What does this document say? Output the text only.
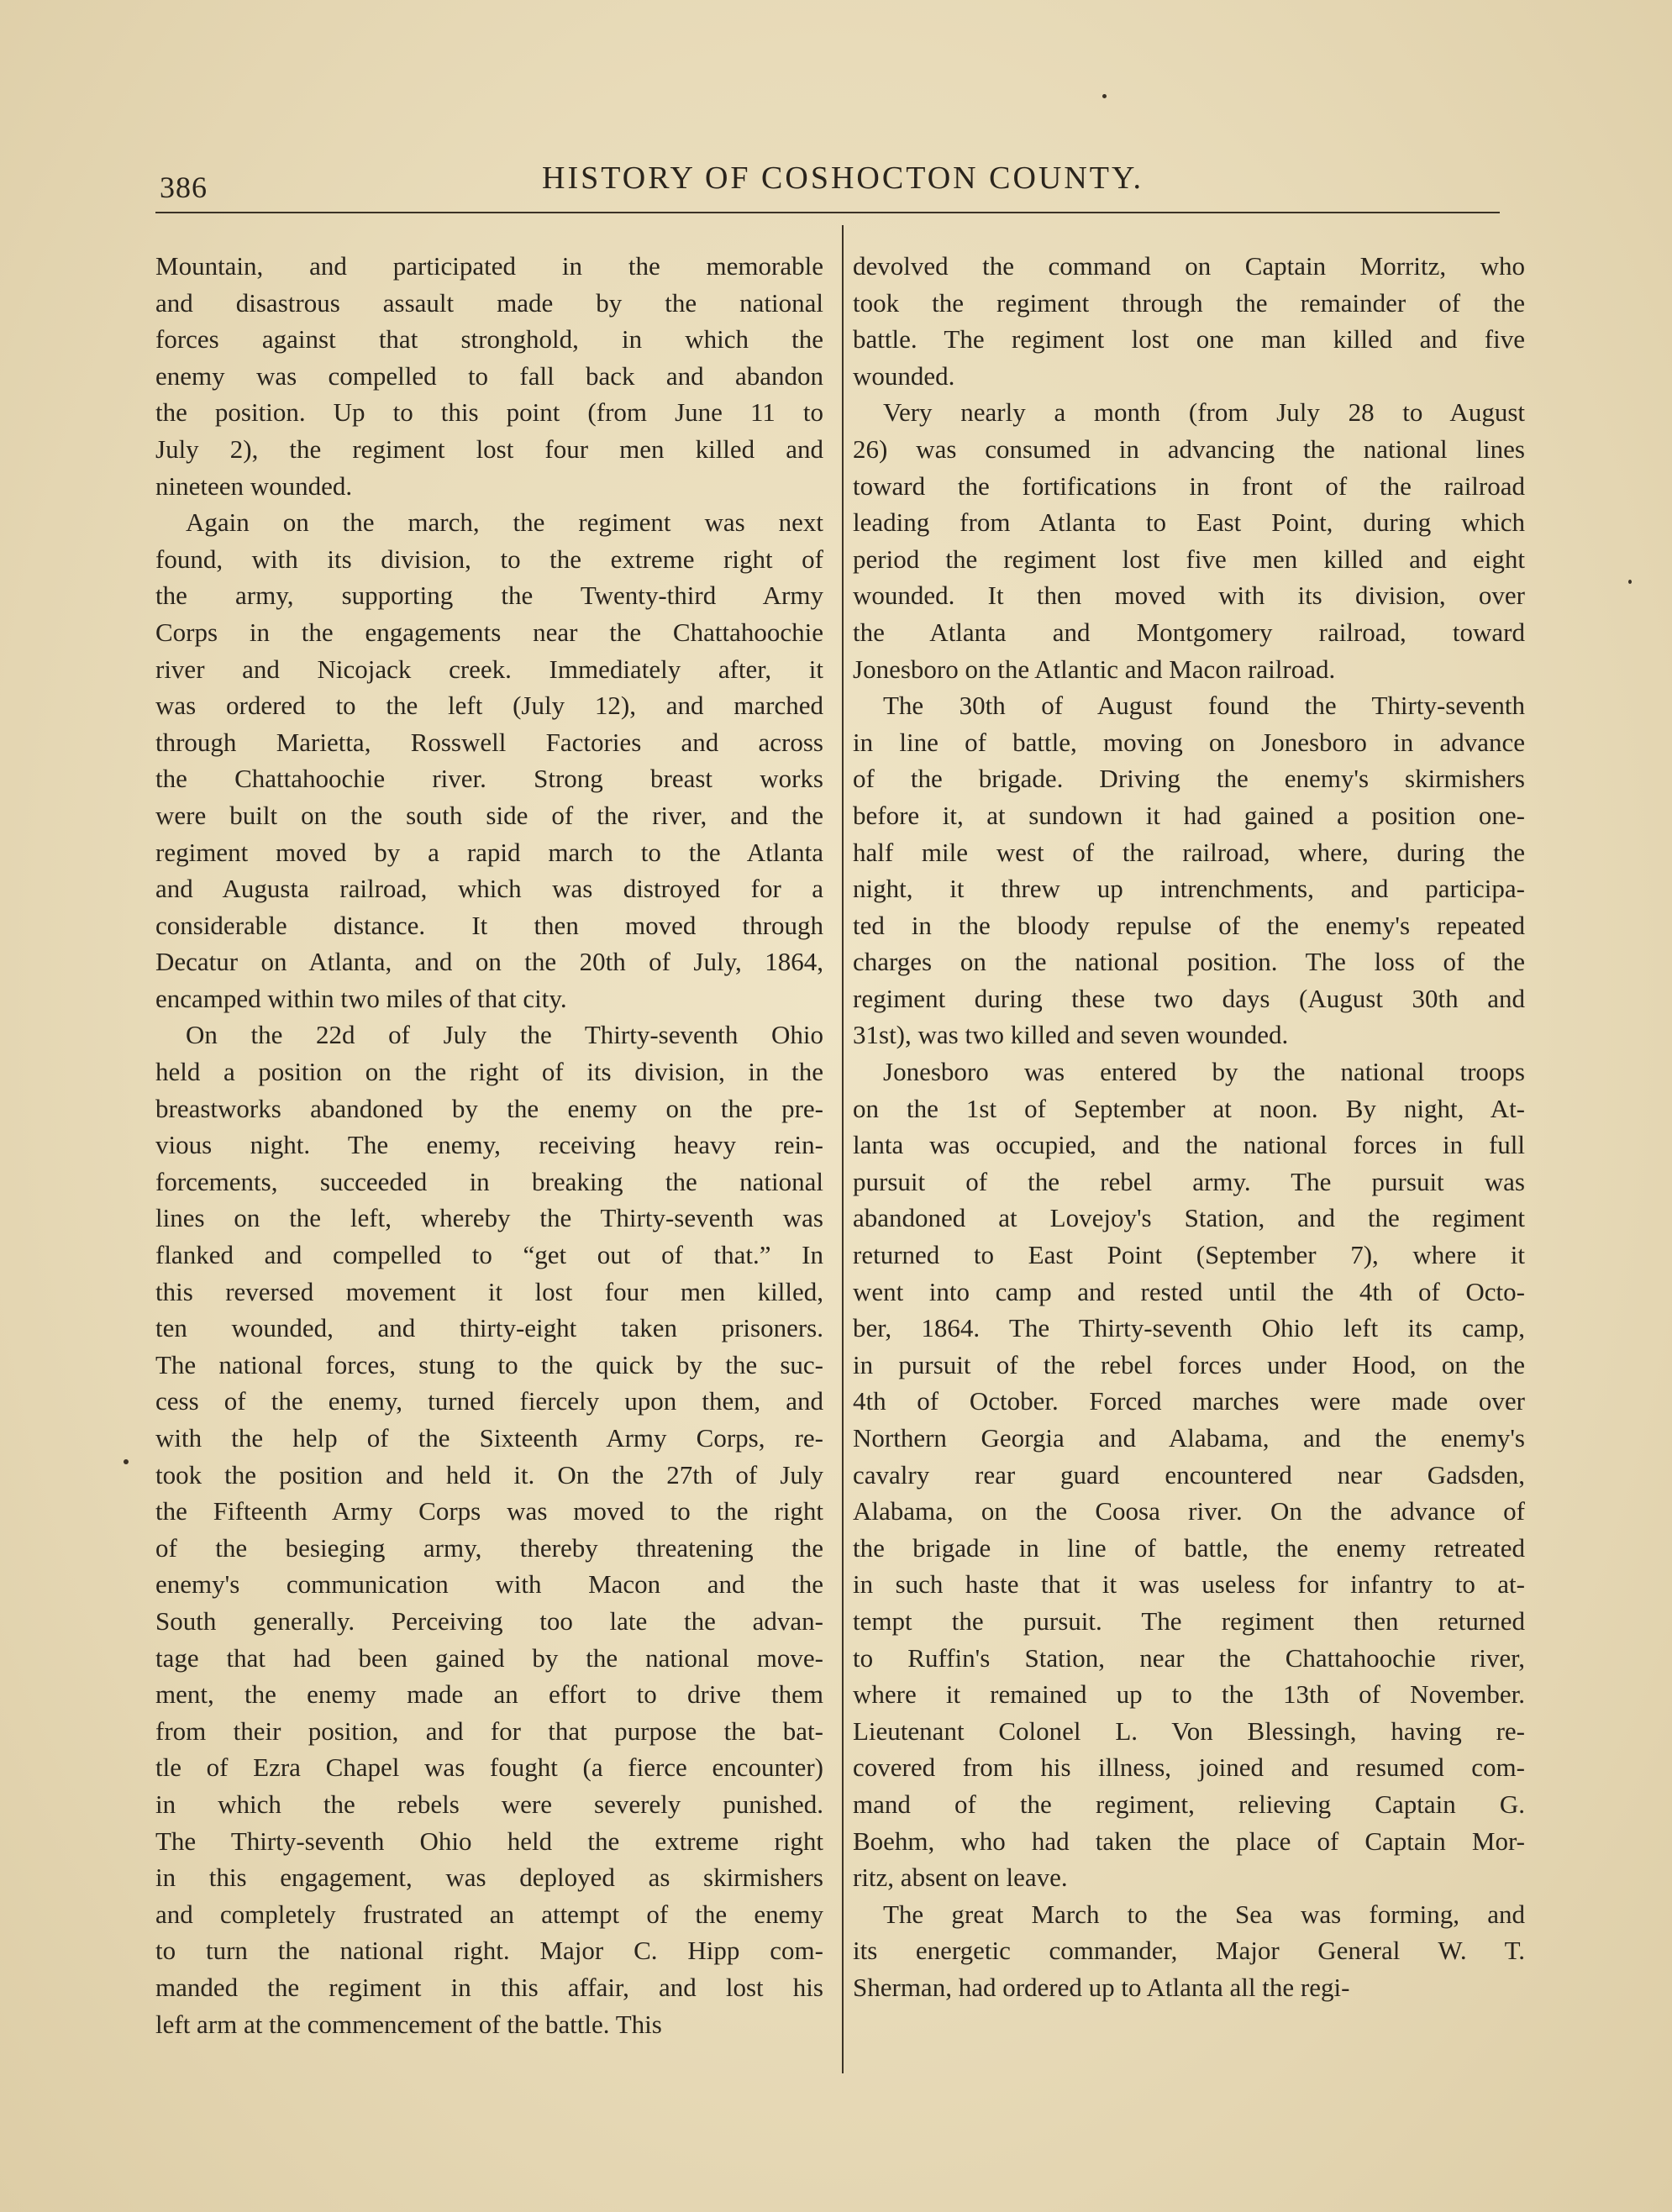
386	HISTORY OF COSHOCTON COUNTY.
Mountain, and participated in the memorable
and disastrous assault made by the national
forces against that stronghold, in which the
enemy was compelled to fall back and abandon
the position. Up to this point (from June 11 to
July 2), the regiment lost four men killed and
nineteen wounded.
Again on the march, the regiment was next
found, with its division, to the extreme right of
the army, supporting the Twenty-third Army
Corps in the engagements near the Chattahoochie
river and Nicojack creek. Immediately after, it
was ordered to the left (July 12), and marched
through Marietta, Rosswell Factories and across
the Chattahoochie river. Strong breast works
were built on the south side of the river, and the
regiment moved by a rapid march to the Atlanta
and Augusta railroad, which was distroyed for a
considerable distance. It then moved through
Decatur on Atlanta, and on the 20th of July, 1864,
encamped within two miles of that city.
On the 22d of July the Thirty-seventh Ohio
held a position on the right of its division, in the
breastworks abandoned by the enemy on the pre-
vious night. The enemy, receiving heavy rein-
forcements, succeeded in breaking the national
lines on the left, whereby the Thirty-seventh was
flanked and compelled to “get out of that.” In
this reversed movement it lost four men killed,
ten wounded, and thirty-eight taken prisoners.
The national forces, stung to the quick by the suc-
cess of the enemy, turned fiercely upon them, and
with the help of the Sixteenth Army Corps, re-
took the position and held it. On the 27th of July
the Fifteenth Army Corps was moved to the right
of the besieging army, thereby threatening the
enemy's communication with Macon and the
South generally. Perceiving too late the advan-
tage that had been gained by the national move-
ment, the enemy made an effort to drive them
from their position, and for that purpose the bat-
tle of Ezra Chapel was fought (a fierce encounter)
in which the rebels were severely punished.
The Thirty-seventh Ohio held the extreme right
in this engagement, was deployed as skirmishers
and completely frustrated an attempt of the enemy
to turn the national right. Major C. Hipp com-
manded the regiment in this affair, and lost his
left arm at the commencement of the battle. This
devolved the command on Captain Morritz, who
took the regiment through the remainder of the
battle. The regiment lost one man killed and five
wounded.
Very nearly a month (from July 28 to August
26) was consumed in advancing the national lines
toward the fortifications in front of the railroad
leading from Atlanta to East Point, during which
period the regiment lost five men killed and eight
wounded. It then moved with its division, over
the Atlanta and Montgomery railroad, toward
Jonesboro on the Atlantic and Macon railroad.
The 30th of August found the Thirty-seventh
in line of battle, moving on Jonesboro in advance
of the brigade. Driving the enemy's skirmishers
before it, at sundown it had gained a position one-
half mile west of the railroad, where, during the
night, it threw up intrenchments, and participa-
ted in the bloody repulse of the enemy's repeated
charges on the national position. The loss of the
regiment during these two days (August 30th and
31st), was two killed and seven wounded.
Jonesboro was entered by the national troops
on the 1st of September at noon. By night, At-
lanta was occupied, and the national forces in full
pursuit of the rebel army. The pursuit was
abandoned at Lovejoy's Station, and the regiment
returned to East Point (September 7), where it
went into camp and rested until the 4th of Octo-
ber, 1864. The Thirty-seventh Ohio left its camp,
in pursuit of the rebel forces under Hood, on the
4th of October. Forced marches were made over
Northern Georgia and Alabama, and the enemy's
cavalry rear guard encountered near Gadsden,
Alabama, on the Coosa river. On the advance of
the brigade in line of battle, the enemy retreated
in such haste that it was useless for infantry to at-
tempt the pursuit. The regiment then returned
to Ruffin's Station, near the Chattahoochie river,
where it remained up to the 13th of November.
Lieutenant Colonel L. Von Blessingh, having re-
covered from his illness, joined and resumed com-
mand of the regiment, relieving Captain G.
Boehm, who had taken the place of Captain Mor-
ritz, absent on leave.
The great March to the Sea was forming, and
its energetic commander, Major General W. T.
Sherman, had ordered up to Atlanta all the regi-
